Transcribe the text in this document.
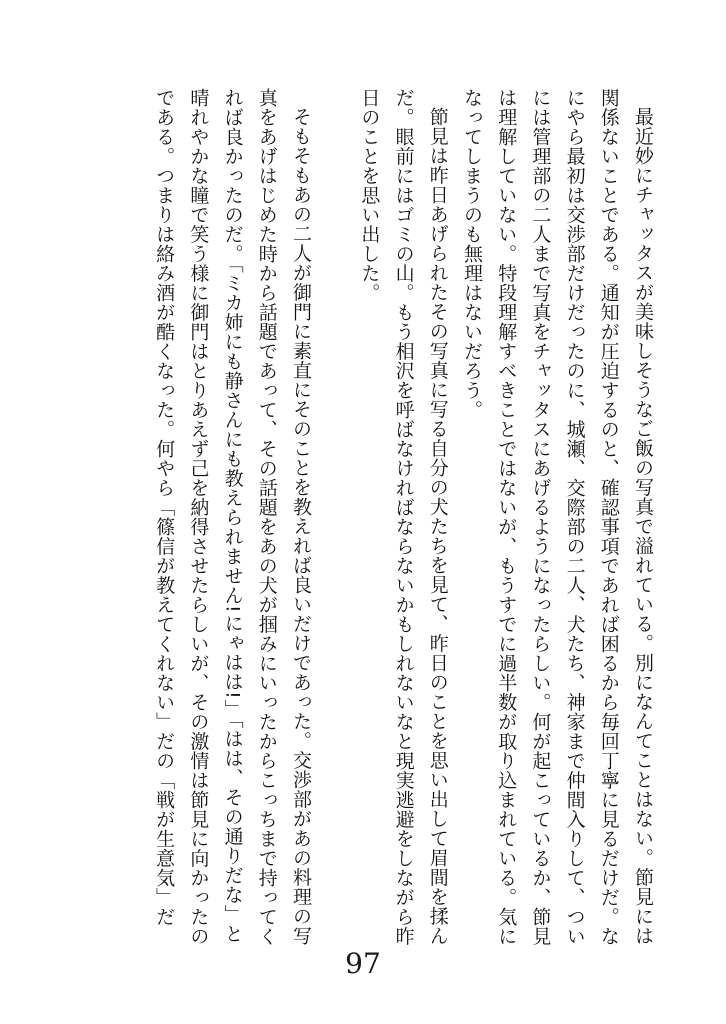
最近妙にチャッタスが美味しそうなご飯の写真で溢れている。別になんてことはない。節見には関係ないことである。通知が圧迫するのと、確認事項であれば困るから毎回丁寧に見るだけだ。なにやら最初は交渉部だけだったのに、城瀬、交際部の二人、犬たち、神家まで仲間入りして、ついには管理部の二人まで写真をチャッタスにあげるようになったらしい。何が起こっているか、節見は理解していない。特段理解すべきことではないが、もうすでに過半数が取り込まれている。気になってしまうのも無理はないだろう。

節見は昨日あげられたその写真に写る自分の犬たちを見て、昨日のことを思い出して眉間を揉んだ。眼前にはゴミの山。もう相沢を呼ばなければならないかもしれないなと現実逃避をしながら昨日のことを思い出した。

そもそもあの二人が御門に素直にそのことを教えれば良いだけであった。交渉部があの料理の写真をあげはじめた時から話題であって、その話題をあの犬が掴みにいったからこっちまで持ってくれば良かったのだ。「ミカ姉にも静さんにも教えられません!にゃはは!」「はは、その通りだな」と晴れやかな瞳で笑う様に御門はとりあえず己を納得させたらしいが、その激情は節見に向かったのである。つまりは絡み酒が酷くなった。何やら「篠信が教えてくれない」だの「戦が生意気」だ

97
